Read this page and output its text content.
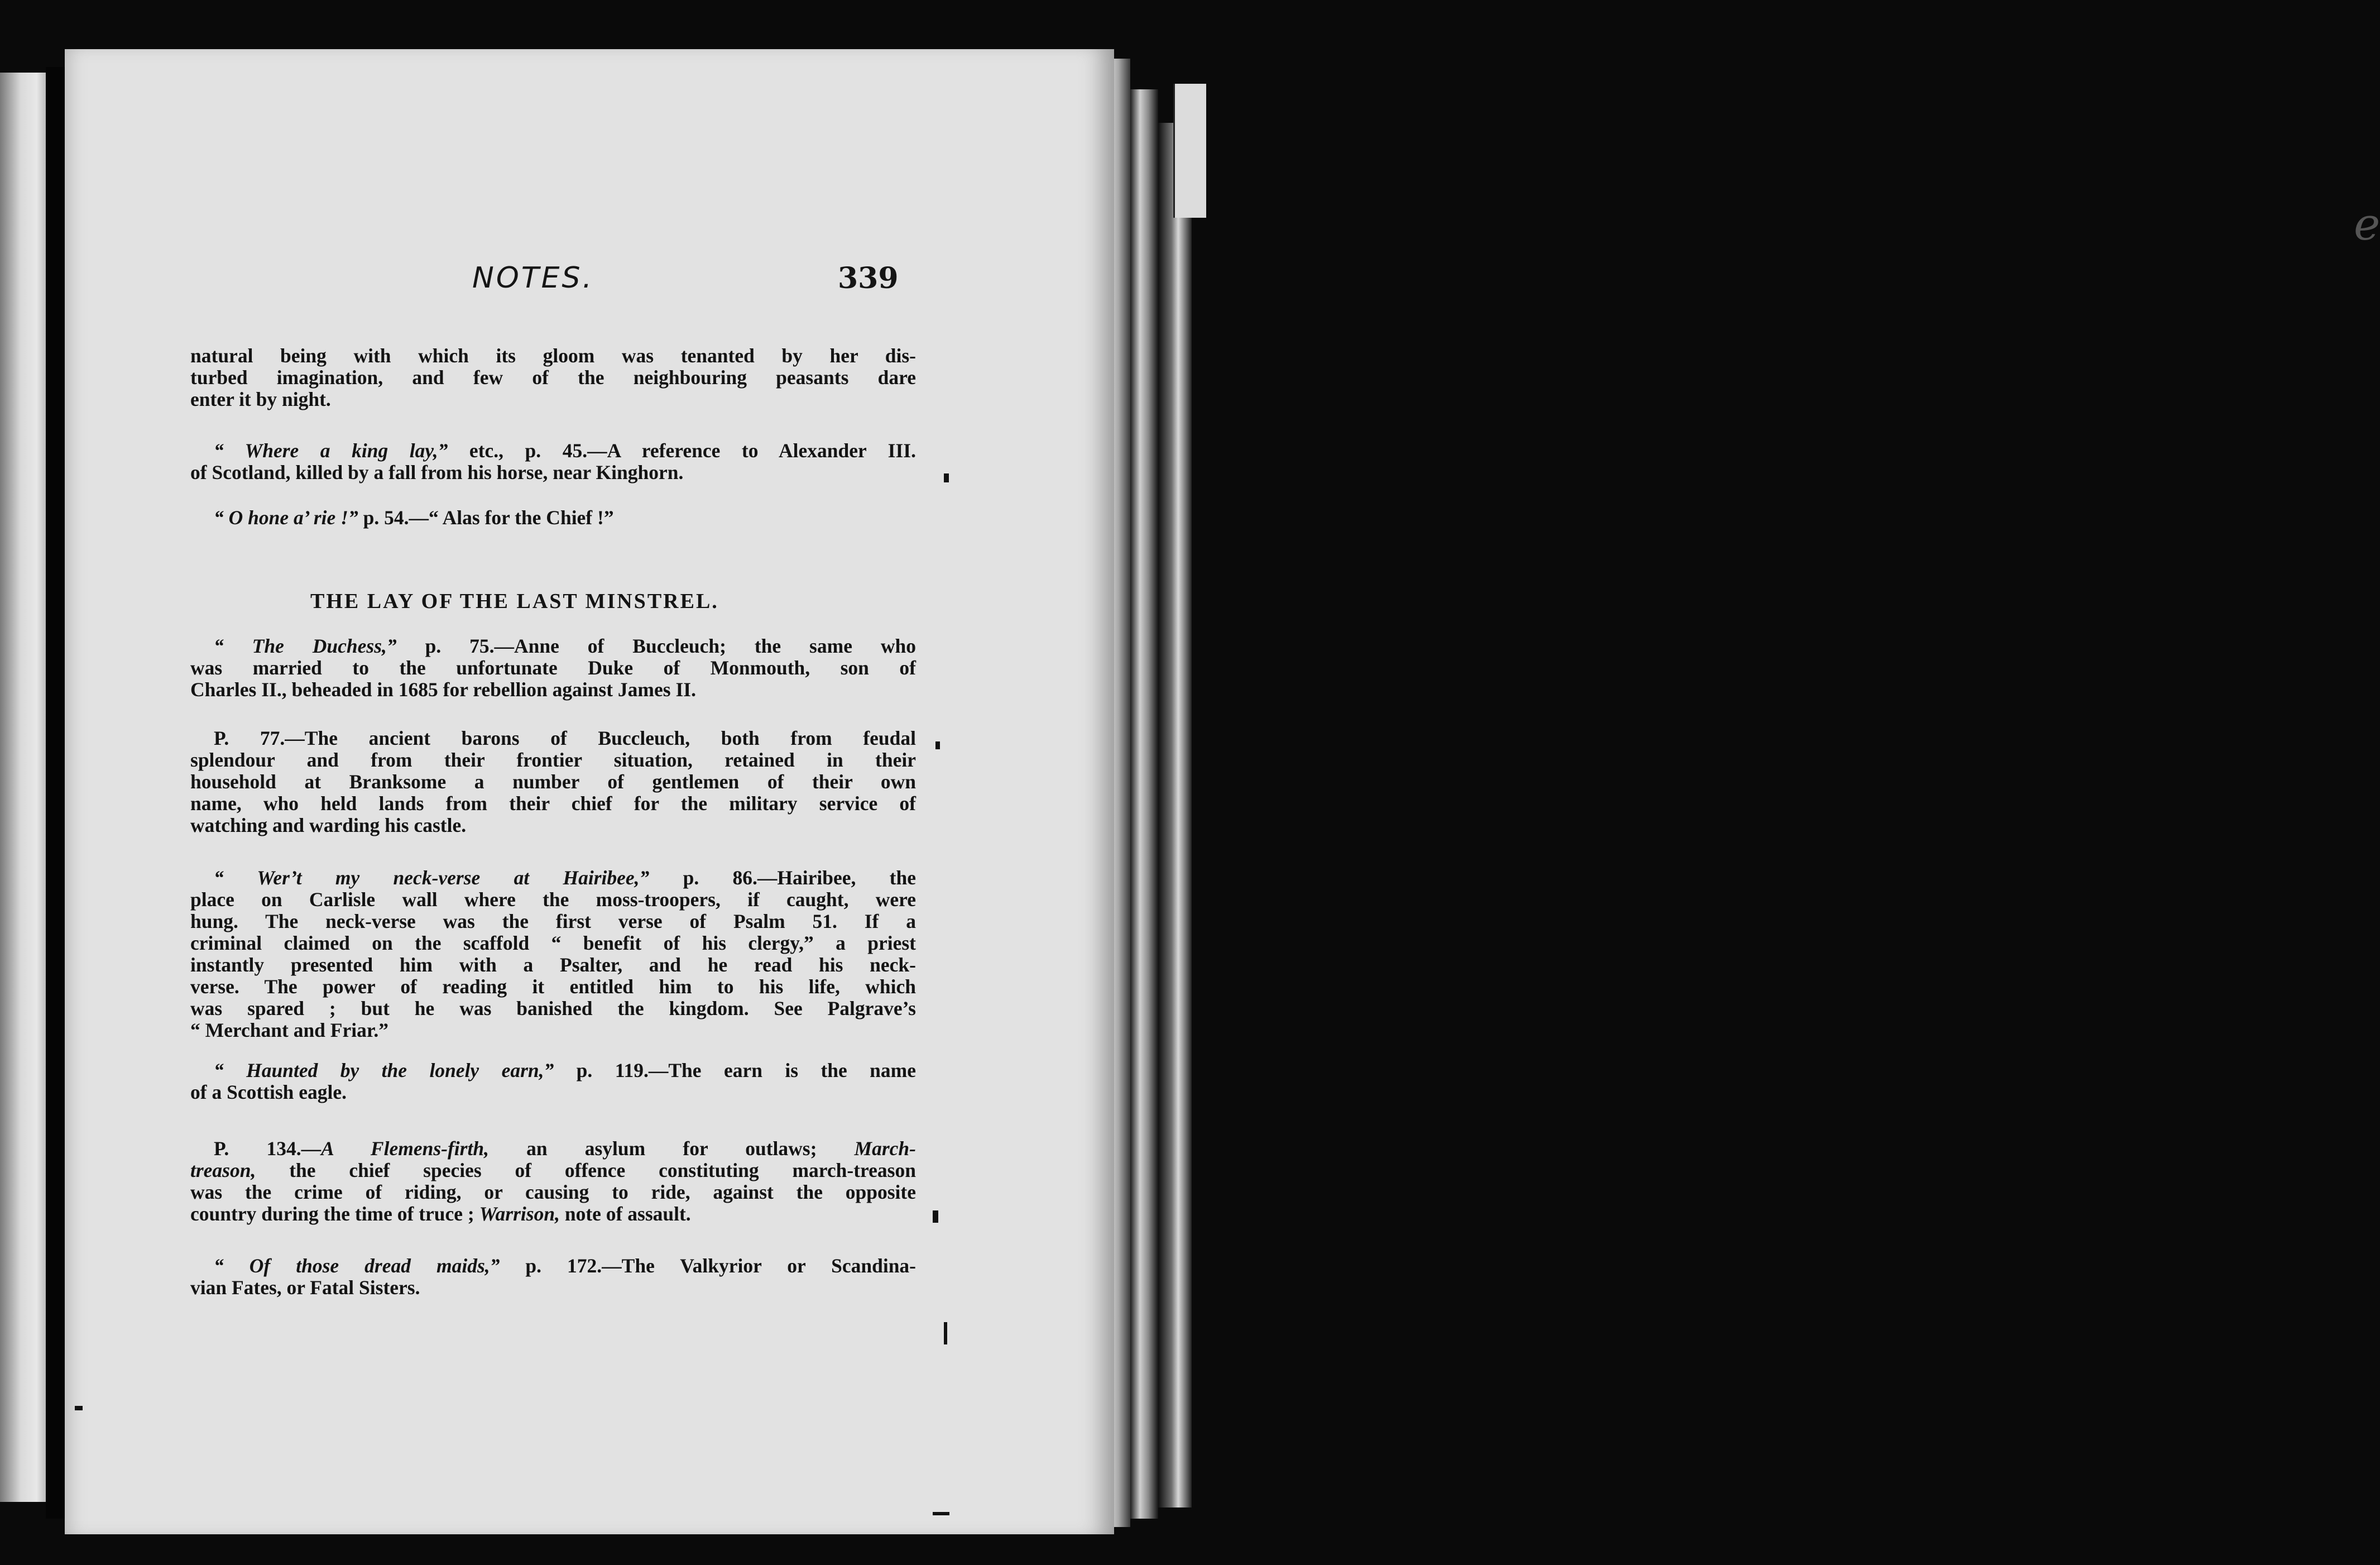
e
NOTES.	339
natural being with which its gloom was tenanted by her dis-
turbed imagination, and few of the neighbouring peasants dare
enter it by night.
“ Where a king lay,” etc., p. 45.—A reference to Alexander III.
of Scotland, killed by a fall from his horse, near Kinghorn.
“ O hone a’ rie !” p. 54.—“ Alas for the Chief !”
THE LAY OF THE LAST MINSTREL.
“ The Duchess,” p. 75.—Anne of Buccleuch; the same who
was married to the unfortunate Duke of Monmouth, son of
Charles II., beheaded in 1685 for rebellion against James II.
P. 77.—The ancient barons of Buccleuch, both from feudal
splendour and from their frontier situation, retained in their
household at Branksome a number of gentlemen of their own
name, who held lands from their chief for the military service of
watching and warding his castle.
“ Wer’t my neck-verse at Hairibee,” p. 86.—Hairibee, the
place on Carlisle wall where the moss-troopers, if caught, were
hung. The neck-verse was the first verse of Psalm 51. If a
criminal claimed on the scaffold “ benefit of his clergy,” a priest
instantly presented him with a Psalter, and he read his neck-
verse. The power of reading it entitled him to his life, which
was spared ; but he was banished the kingdom. See Palgrave’s
“ Merchant and Friar.”
“ Haunted by the lonely earn,” p. 119.—The earn is the name
of a Scottish eagle.
P. 134.—A Flemens-firth, an asylum for outlaws; March-
treason, the chief species of offence constituting march-treason
was the crime of riding, or causing to ride, against the opposite
country during the time of truce ; Warrison, note of assault.
“ Of those dread maids,” p. 172.—The Valkyrior or Scandina-
vian Fates, or Fatal Sisters.
